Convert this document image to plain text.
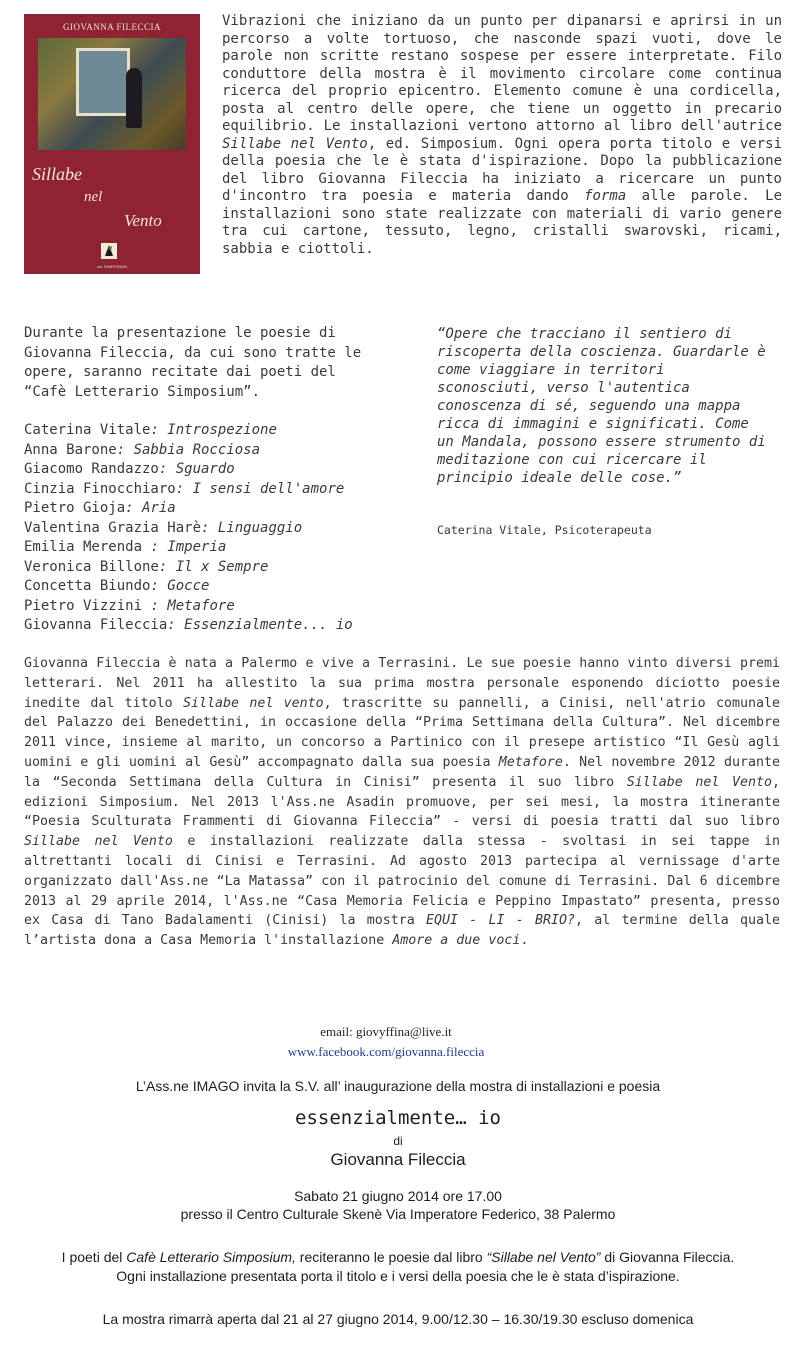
GIOVANNA FILECCIA
Sillabe
nel
Vento
ed. SIMPOSIUM

Vibrazioni che iniziano da un punto per dipanarsi e aprirsi in un percorso a volte tortuoso, che nasconde spazi vuoti, dove le parole non scritte restano sospese per essere interpretate. Filo conduttore della mostra è il movimento circolare come continua ricerca del proprio epicentro. Elemento comune è una cordicella, posta al centro delle opere, che tiene un oggetto in precario equilibrio. Le installazioni vertono attorno al libro dell'autrice Sillabe nel Vento, ed. Simposium. Ogni opera porta titolo e versi della poesia che le è stata d'ispirazione. Dopo la pubblicazione del libro Giovanna Fileccia ha iniziato a ricercare un punto d'incontro tra poesia e materia dando forma alle parole. Le installazioni sono state realizzate con materiali di vario genere tra cui cartone, tessuto, legno, cristalli swarovski, ricami, sabbia e ciottoli.

Durante la presentazione le poesie di Giovanna Fileccia, da cui sono tratte le opere, saranno recitate dai poeti del “Cafè Letterario Simposium”.

Caterina Vitale: Introspezione
Anna Barone: Sabbia Rocciosa
Giacomo Randazzo: Sguardo
Cinzia Finocchiaro: I sensi dell'amore
Pietro Gioja: Aria
Valentina Grazia Harè: Linguaggio
Emilia Merenda : Imperia
Veronica Billone: Il x Sempre
Concetta Biundo: Gocce
Pietro Vizzini : Metafore
Giovanna Fileccia: Essenzialmente... io

“Opere che tracciano il sentiero di riscoperta della coscienza. Guardarle è come viaggiare in territori sconosciuti, verso l'autentica conoscenza di sé, seguendo una mappa ricca di immagini e significati. Come un Mandala, possono essere strumento di meditazione con cui ricercare il principio ideale delle cose.”

Caterina Vitale, Psicoterapeuta

Giovanna Fileccia è nata a Palermo e vive a Terrasini. Le sue poesie hanno vinto diversi premi letterari. Nel 2011 ha allestito la sua prima mostra personale esponendo diciotto poesie inedite dal titolo Sillabe nel vento, trascritte su pannelli, a Cinisi, nell'atrio comunale del Palazzo dei Benedettini, in occasione della “Prima Settimana della Cultura”. Nel dicembre 2011 vince, insieme al marito, un concorso a Partinico con il presepe artistico “Il Gesù agli uomini e gli uomini al Gesù” accompagnato dalla sua poesia Metafore. Nel novembre 2012 durante la “Seconda Settimana della Cultura in Cinisi” presenta il suo libro Sillabe nel Vento, edizioni Simposium. Nel 2013 l'Ass.ne Asadin promuove, per sei mesi, la mostra itinerante “Poesia Sculturata Frammenti di Giovanna Fileccia” - versi di poesia tratti dal suo libro Sillabe nel Vento e installazioni realizzate dalla stessa - svoltasi in sei tappe in altrettanti locali di Cinisi e Terrasini. Ad agosto 2013 partecipa al vernissage d'arte organizzato dall'Ass.ne “La Matassa” con il patrocinio del comune di Terrasini. Dal 6 dicembre 2013 al 29 aprile 2014, l'Ass.ne “Casa Memoria Felicia e Peppino Impastato” presenta, presso ex Casa di Tano Badalamenti (Cinisi) la mostra EQUI - LI - BRIO?, al termine della quale l’artista dona a Casa Memoria l'installazione Amore a due voci.

email: giovyffina@live.it

www.facebook.com/giovanna.fileccia

L’Ass.ne IMAGO invita la S.V. all’ inaugurazione della mostra di installazioni e poesia

essenzialmente… io

di

Giovanna Fileccia

Sabato 21 giugno 2014 ore 17.00

presso il Centro Culturale Skenè Via Imperatore Federico, 38 Palermo

I poeti del Cafè Letterario Simposium, reciteranno le poesie dal libro “Sillabe nel Vento” di Giovanna Fileccia.

Ogni installazione presentata porta il titolo e i versi della poesia che le è stata d’ispirazione.

La mostra rimarrà aperta dal 21 al 27 giugno 2014, 9.00/12.30 – 16.30/19.30 escluso domenica
